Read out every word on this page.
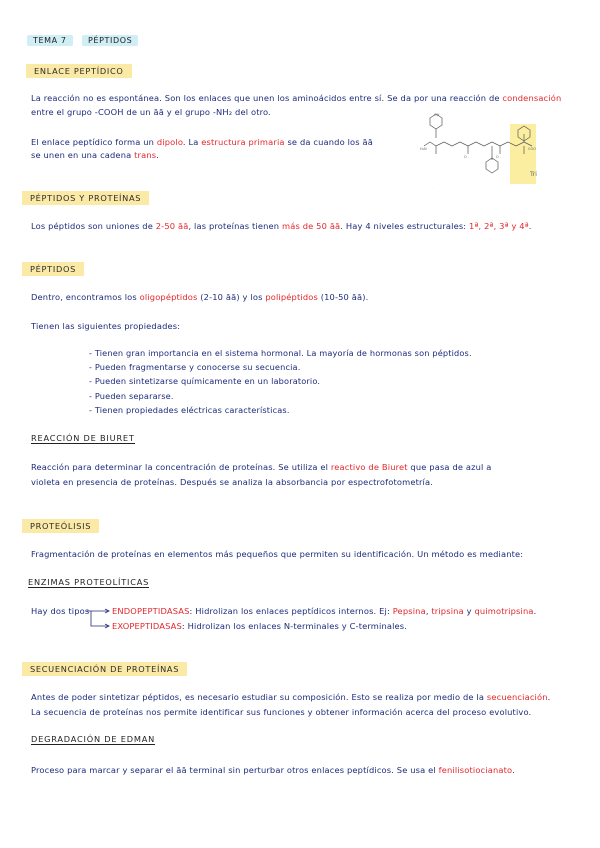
TEMA 7	PÉPTIDOS
ENLACE PEPTÍDICO
La reacción no es espontánea. Son los enlaces que unen los aminoácidos entre sí. Se da por una reacción de condensación
entre el grupo -COOH de un āā y el grupo -NH₂ del otro.
El enlace peptídico forma un dipolo. La estructura primaria se da cuando los āā
se unen en una cadena trans.
OH
H₃N
O	O
COO
·	·
Tri
PÉPTIDOS Y PROTEÍNAS
Los péptidos son uniones de 2-50 āā, las proteínas tienen más de 50 āā. Hay 4 niveles estructurales: 1ª, 2ª, 3ª y 4ª.
PÉPTIDOS
Dentro, encontramos los oligopéptidos (2-10 āā) y los polipéptidos (10-50 āā).
Tienen las siguientes propiedades:
- Tienen gran importancia en el sistema hormonal. La mayoría de hormonas son péptidos.
- Pueden fragmentarse y conocerse su secuencia.
- Pueden sintetizarse químicamente en un laboratorio.
- Pueden separarse.
- Tienen propiedades eléctricas características.
REACCIÓN DE BIURET
Reacción para determinar la concentración de proteínas. Se utiliza el reactivo de Biuret que pasa de azul a
violeta en presencia de proteínas. Después se analiza la absorbancia por espectrofotometría.
PROTEÓLISIS
Fragmentación de proteínas en elementos más pequeños que permiten su identificación. Un método es mediante:
ENZIMAS PROTEOLÍTICAS
Hay dos tipos	ENDOPEPTIDASAS: Hidrolizan los enlaces peptídicos internos. Ej: Pepsina, tripsina y quimotripsina.
EXOPEPTIDASAS: Hidrolizan los enlaces N-terminales y C-terminales.
SECUENCIACIÓN DE PROTEÍNAS
Antes de poder sintetizar péptidos, es necesario estudiar su composición. Esto se realiza por medio de la secuenciación.
La secuencia de proteínas nos permite identificar sus funciones y obtener información acerca del proceso evolutivo.
DEGRADACIÓN DE EDMAN
Proceso para marcar y separar el āā terminal sin perturbar otros enlaces peptídicos. Se usa el fenilisotiocianato.
